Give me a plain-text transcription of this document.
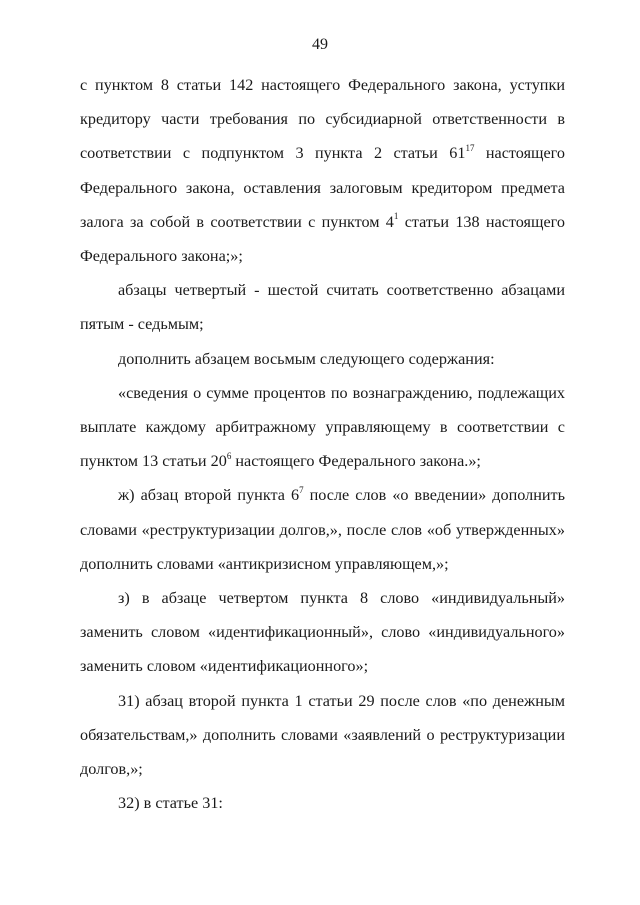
49

с пунктом 8 статьи 142 настоящего Федерального закона, уступки кредитору части требования по субсидиарной ответственности в соответствии с подпунктом 3 пункта 2 статьи $61^{17}$ настоящего Федерального закона, оставления залоговым кредитором предмета залога за собой в соответствии с пунктом $4^1$ статьи 138 настоящего Федерального закона;»;

абзацы четвертый - шестой считать соответственно абзацами пятым - седьмым;

дополнить абзацем восьмым следующего содержания:

«сведения о сумме процентов по вознаграждению, подлежащих выплате каждому арбитражному управляющему в соответствии с пунктом 13 статьи $20^6$ настоящего Федерального закона.»;

ж) абзац второй пункта $6^7$ после слов «о введении» дополнить словами «реструктуризации долгов,», после слов «об утвержденных» дополнить словами «антикризисном управляющем,»;

з) в абзаце четвертом пункта 8 слово «индивидуальный» заменить словом «идентификационный», слово «индивидуального» заменить словом «идентификационного»;

31) абзац второй пункта 1 статьи 29 после слов «по денежным обязательствам,» дополнить словами «заявлений о реструктуризации долгов,»;

32) в статье 31:
